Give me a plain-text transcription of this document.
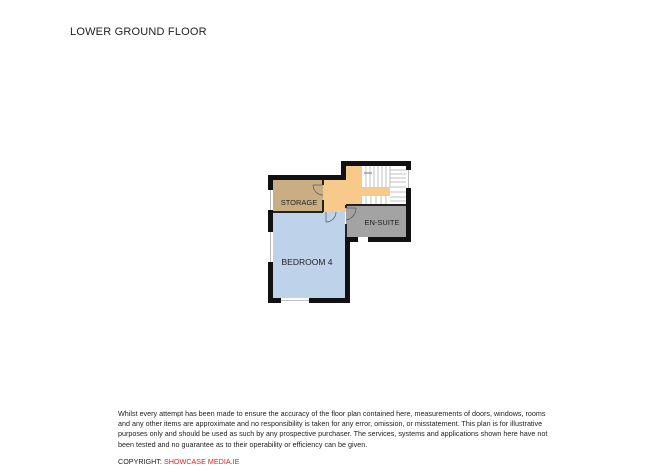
LOWER GROUND FLOOR
STORAGE
EN-SUITE
BEDROOM 4
Whilst every attempt has been made to ensure the accuracy of the floor plan contained here, measurements of doors, windows, rooms and any other items are approximate and no responsibility is taken for any error, omission, or misstatement. This plan is for illustrative purposes only and should be used as such by any prospective purchaser. The services, systems and applications shown here have not been tested and no guarantee as to their operability or efficiency can be given.
COPYRIGHT: SHOWCASE MEDIA.IE
